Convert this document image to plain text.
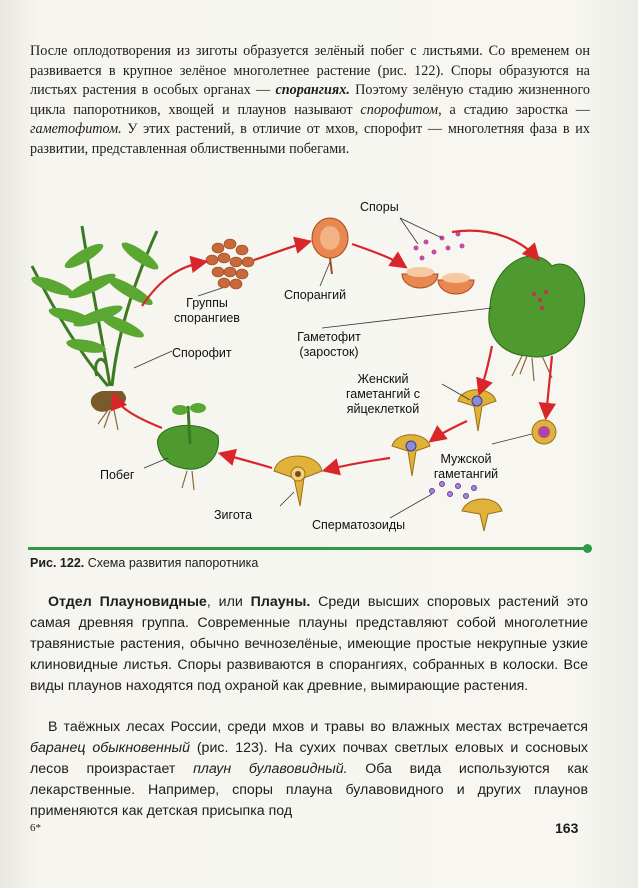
После оплодотворения из зиготы образуется зелёный побег с листьями. Со временем он развивается в крупное зелёное многолетнее растение (рис. 122). Споры образуются на листьях растения в особых органах — спорангиях. Поэтому зелёную стадию жизненного цикла папоротников, хвощей и плаунов называют спорофитом, а стадию заростка — гаметофитом. У этих растений, в отличие от мхов, спорофит — многолетняя фаза в их развитии, представленная облиственными побегами.
Споры
Группы спорангиев
Спорангий
Спорофит
Гаметофит (заросток)
Женский гаметангий с яйцеклеткой
Мужской гаметангий
Побег
Зигота
Сперматозоиды
Рис. 122. Схема развития папоротника
Отдел Плауновидные, или Плауны. Среди высших споровых растений это самая древняя группа. Современные плауны представляют собой многолетние травянистые растения, обычно вечнозелёные, имеющие простые некрупные узкие клиновидные листья. Споры развиваются в спорангиях, собранных в колоски. Все виды плаунов находятся под охраной как древние, вымирающие растения.
В таёжных лесах России, среди мхов и травы во влажных местах встречается баранец обыкновенный (рис. 123). На сухих почвах светлых еловых и сосновых лесов произрастает плаун булавовидный. Оба вида используются как лекарственные. Например, споры плауна булавовидного и других плаунов применяются как детская присыпка под
6*	163
